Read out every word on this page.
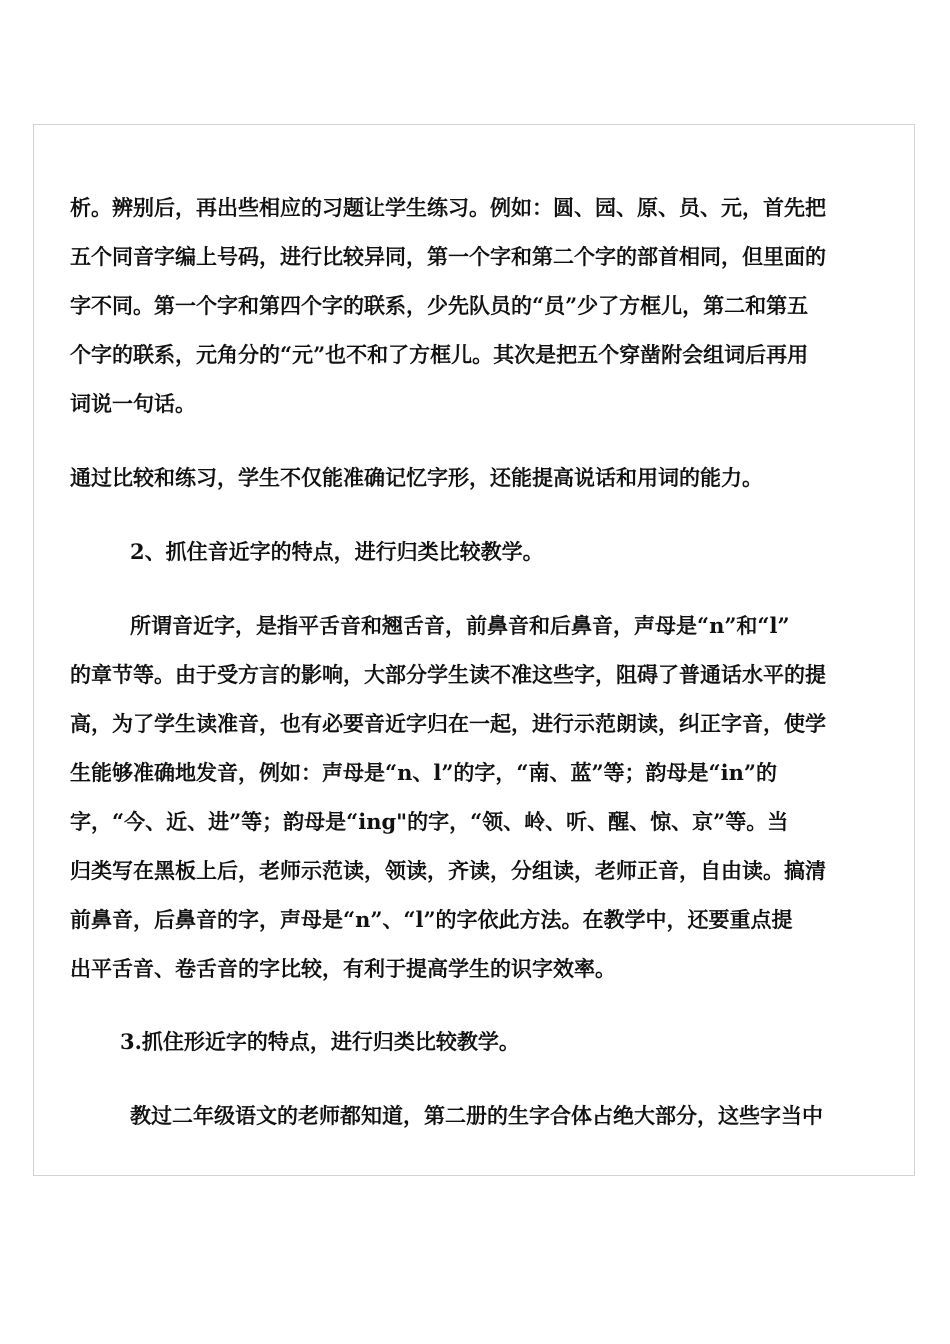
析。辨别后，再出些相应的习题让学生练习。例如：圆、园、原、员、元，首先把
五个同音字编上号码，进行比较异同，第一个字和第二个字的部首相同，但里面的
字不同。第一个字和第四个字的联系，少先队员的“员”少了方框儿，第二和第五
个字的联系，元角分的“元”也不和了方框儿。其次是把五个穿凿附会组词后再用
词说一句话。
通过比较和练习，学生不仅能准确记忆字形，还能提高说话和用词的能力。
2、抓住音近字的特点，进行归类比较教学。
所谓音近字，是指平舌音和翘舌音，前鼻音和后鼻音，声母是“n”和“l”
的章节等。由于受方言的影响，大部分学生读不准这些字，阻碍了普通话水平的提
高，为了学生读准音，也有必要音近字归在一起，进行示范朗读，纠正字音，使学
生能够准确地发音，例如：声母是“n、l”的字，“南、蓝”等；韵母是“in”的
字，“今、近、进”等；韵母是“ing"的字，“领、岭、听、醒、惊、京”等。当
归类写在黑板上后，老师示范读，领读，齐读，分组读，老师正音，自由读。搞清
前鼻音，后鼻音的字，声母是“n”、“l”的字依此方法。在教学中，还要重点提
出平舌音、卷舌音的字比较，有利于提高学生的识字效率。
3.抓住形近字的特点，进行归类比较教学。
教过二年级语文的老师都知道，第二册的生字合体占绝大部分，这些字当中
